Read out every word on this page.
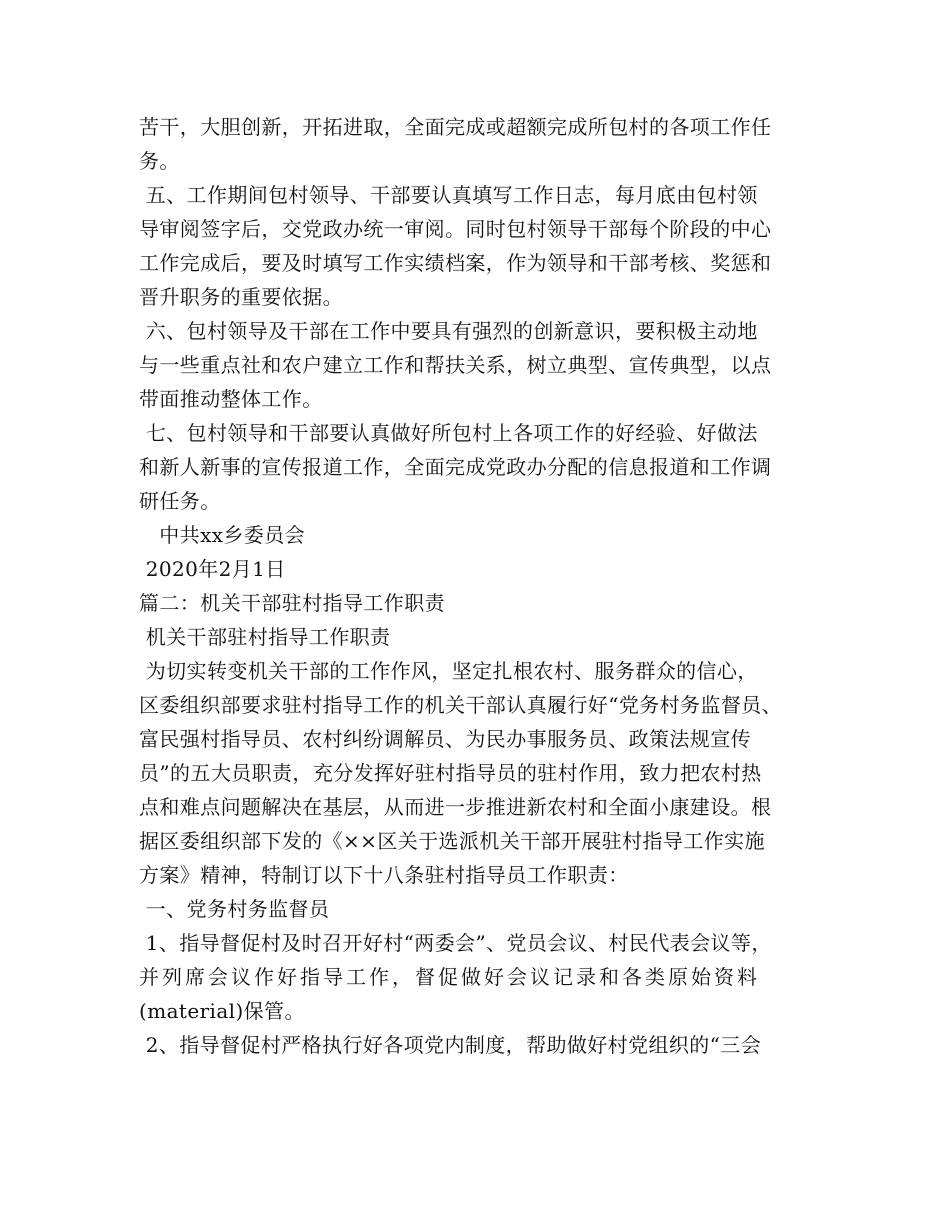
苦干，大胆创新，开拓进取，全面完成或超额完成所包村的各项工作任
务。
五、工作期间包村领导、干部要认真填写工作日志，每月底由包村领
导审阅签字后，交党政办统一审阅。同时包村领导干部每个阶段的中心
工作完成后，要及时填写工作实绩档案，作为领导和干部考核、奖惩和
晋升职务的重要依据。
六、包村领导及干部在工作中要具有强烈的创新意识，要积极主动地
与一些重点社和农户建立工作和帮扶关系，树立典型、宣传典型，以点
带面推动整体工作。
七、包村领导和干部要认真做好所包村上各项工作的好经验、好做法
和新人新事的宣传报道工作，全面完成党政办分配的信息报道和工作调
研任务。
中共xx乡委员会
2020年2月1日
篇二：机关干部驻村指导工作职责
机关干部驻村指导工作职责
为切实转变机关干部的工作作风，坚定扎根农村、服务群众的信心，
区委组织部要求驻村指导工作的机关干部认真履行好“党务村务监督员、
富民强村指导员、农村纠纷调解员、为民办事服务员、政策法规宣传
员”的五大员职责，充分发挥好驻村指导员的驻村作用，致力把农村热
点和难点问题解决在基层，从而进一步推进新农村和全面小康建设。根
据区委组织部下发的《××区关于选派机关干部开展驻村指导工作实施
方案》精神，特制订以下十八条驻村指导员工作职责：
一、党务村务监督员
1、指导督促村及时召开好村“两委会”、党员会议、村民代表会议等，
并列席会议作好指导工作，督促做好会议记录和各类原始资料
(material)保管。
2、指导督促村严格执行好各项党内制度，帮助做好村党组织的“三会
